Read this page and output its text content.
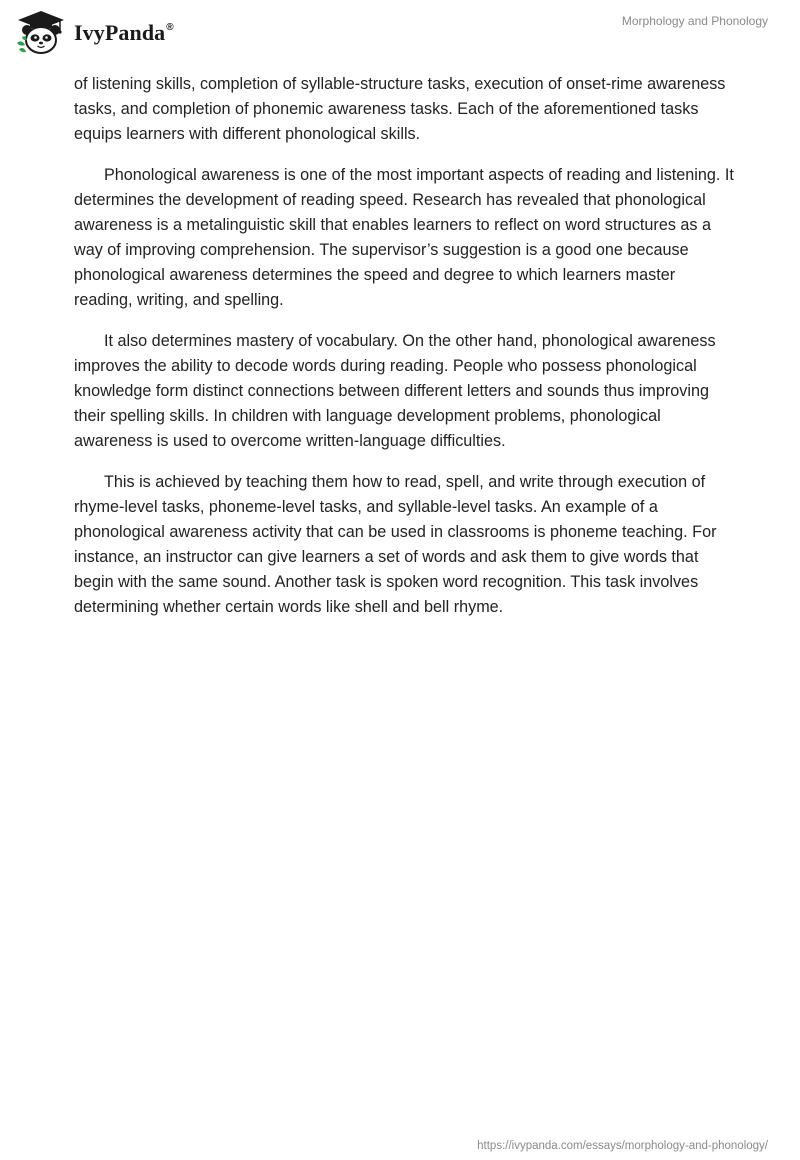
IvyPanda®	Morphology and Phonology

of listening skills, completion of syllable-structure tasks, execution of onset-rime awareness tasks, and completion of phonemic awareness tasks. Each of the aforementioned tasks equips learners with different phonological skills.

Phonological awareness is one of the most important aspects of reading and listening. It determines the development of reading speed. Research has revealed that phonological awareness is a metalinguistic skill that enables learners to reflect on word structures as a way of improving comprehension. The supervisor’s suggestion is a good one because phonological awareness determines the speed and degree to which learners master reading, writing, and spelling.

It also determines mastery of vocabulary. On the other hand, phonological awareness improves the ability to decode words during reading. People who possess phonological knowledge form distinct connections between different letters and sounds thus improving their spelling skills. In children with language development problems, phonological awareness is used to overcome written-language difficulties.

This is achieved by teaching them how to read, spell, and write through execution of rhyme-level tasks, phoneme-level tasks, and syllable-level tasks. An example of a phonological awareness activity that can be used in classrooms is phoneme teaching. For instance, an instructor can give learners a set of words and ask them to give words that begin with the same sound. Another task is spoken word recognition. This task involves determining whether certain words like shell and bell rhyme.

https://ivypanda.com/essays/morphology-and-phonology/
